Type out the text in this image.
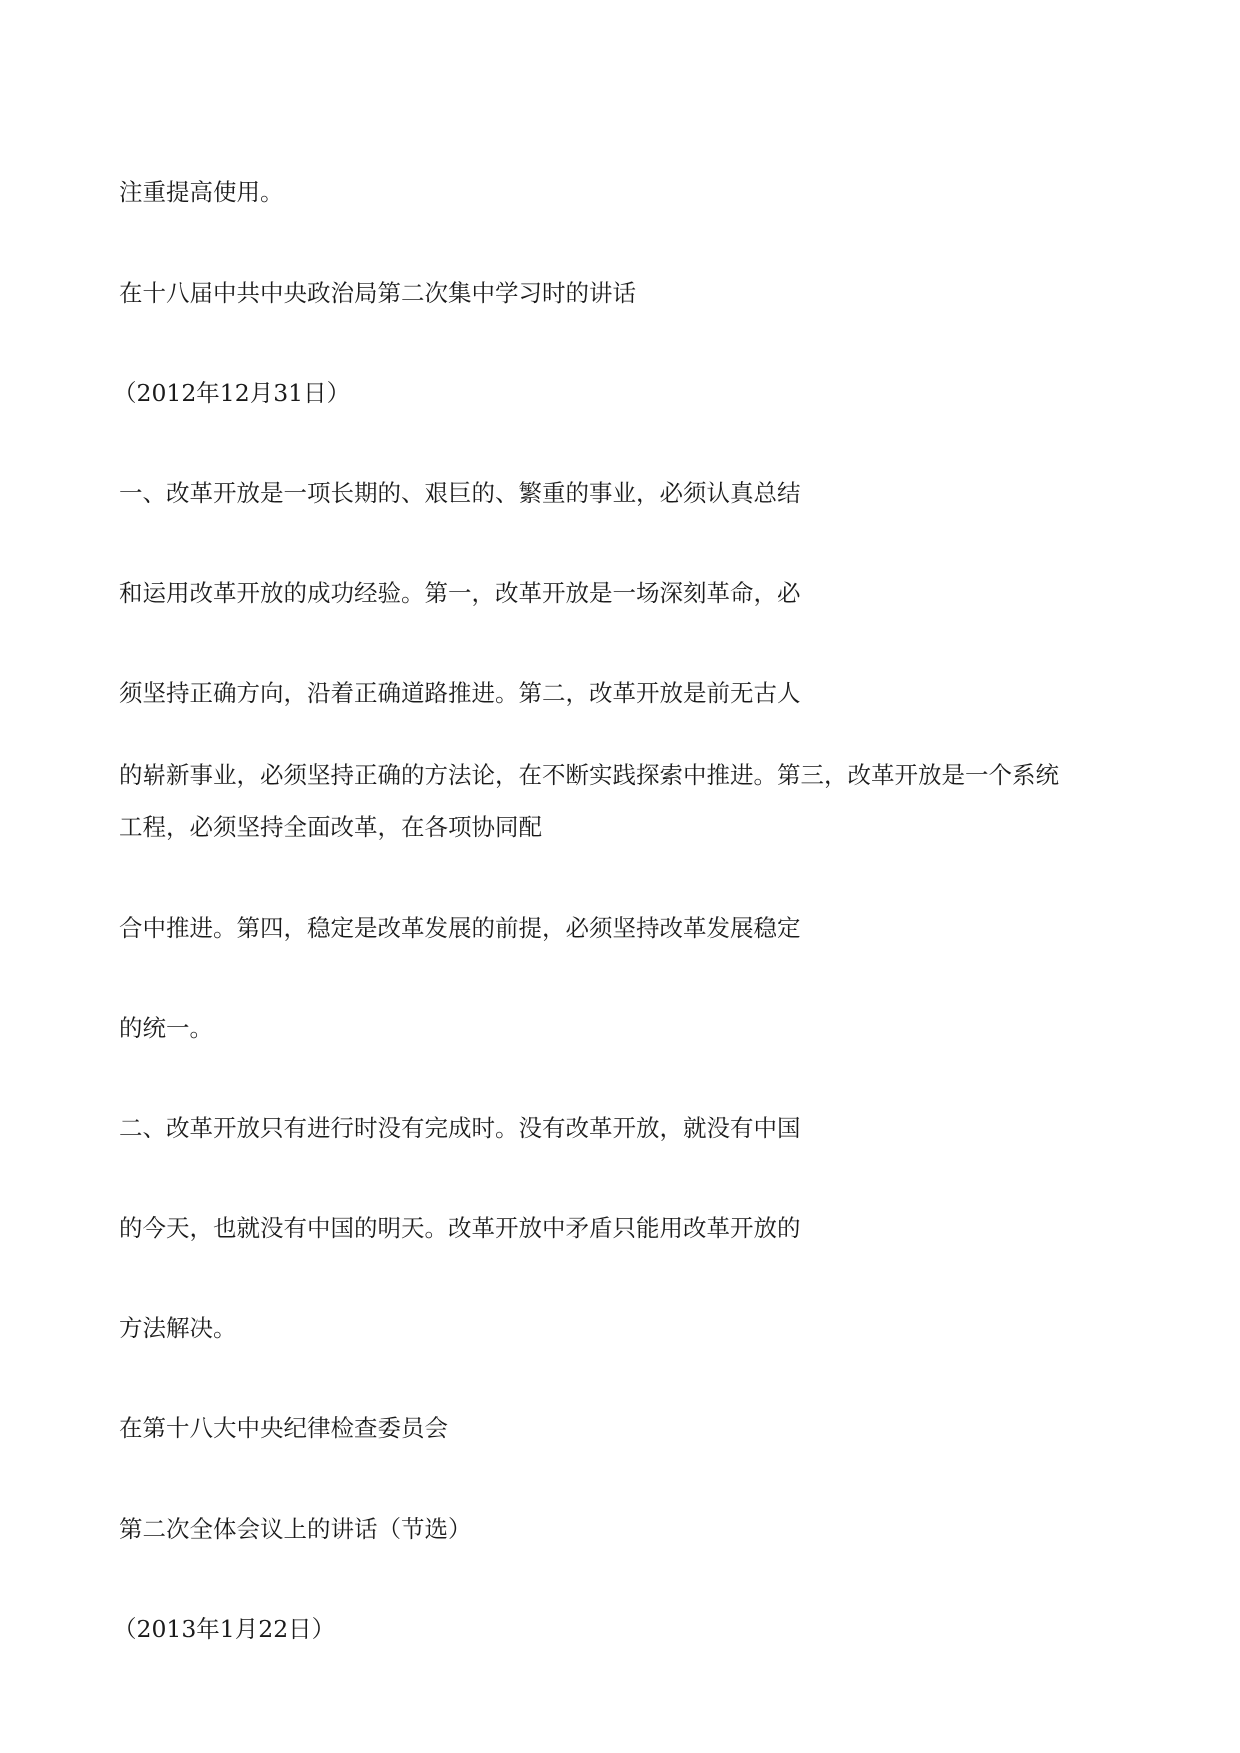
注重提高使用。

在十八届中共中央政治局第二次集中学习时的讲话

（2012年12月31日）

一、改革开放是一项长期的、艰巨的、繁重的事业，必须认真总结

和运用改革开放的成功经验。第一，改革开放是一场深刻革命，必

须坚持正确方向，沿着正确道路推进。第二，改革开放是前无古人

的崭新事业，必须坚持正确的方法论，在不断实践探索中推进。第三，改革开放是一个系统

工程，必须坚持全面改革，在各项协同配

合中推进。第四，稳定是改革发展的前提，必须坚持改革发展稳定

的统一。

二、改革开放只有进行时没有完成时。没有改革开放，就没有中国

的今天，也就没有中国的明天。改革开放中矛盾只能用改革开放的

方法解决。

在第十八大中央纪律检查委员会

第二次全体会议上的讲话（节选）

（2013年1月22日）
